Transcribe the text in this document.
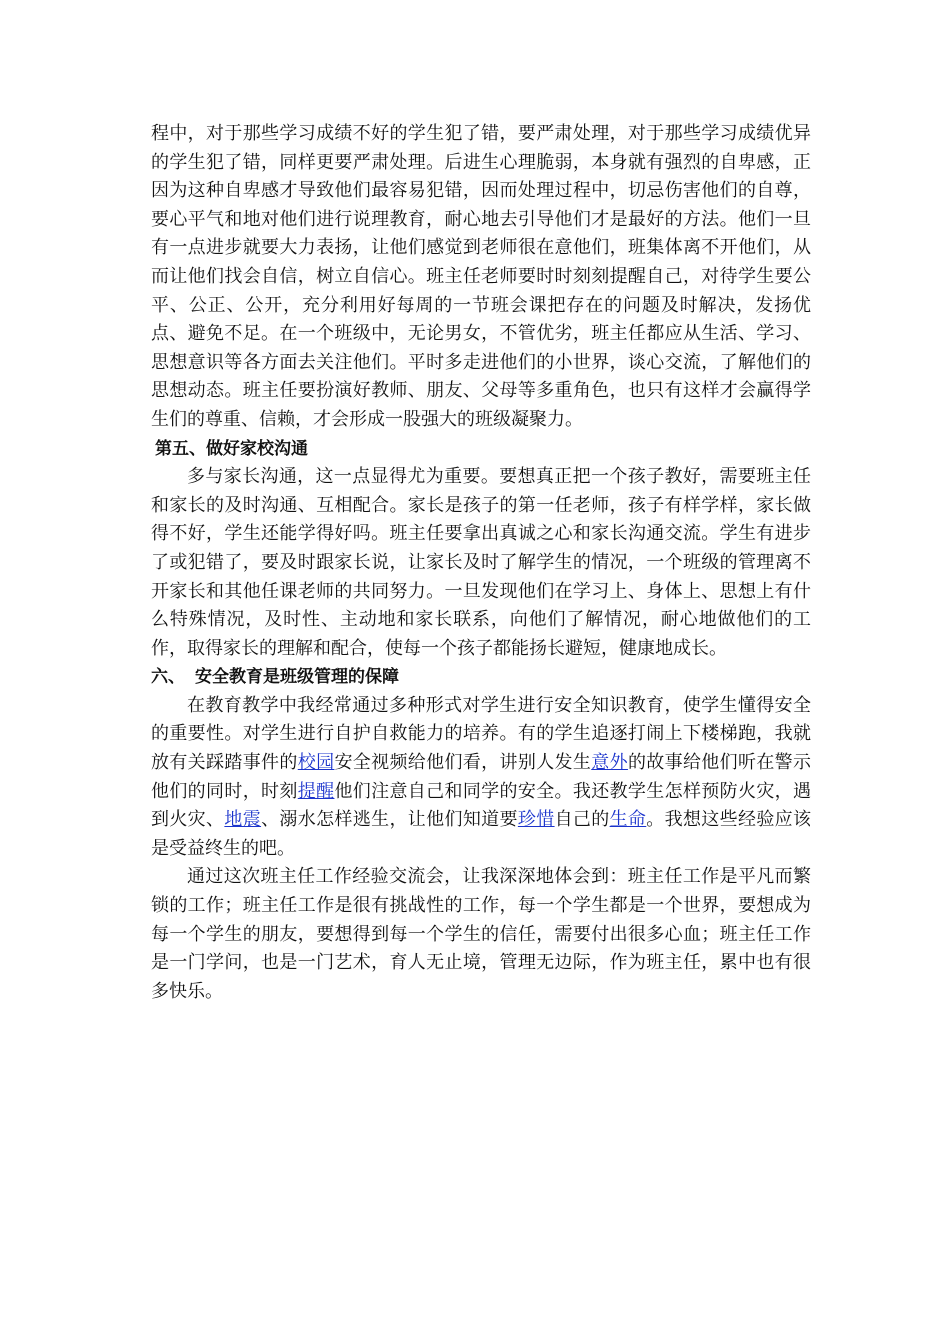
程中，对于那些学习成绩不好的学生犯了错，要严肃处理，对于那些学习成绩优异的学生犯了错，同样更要严肃处理。后进生心理脆弱，本身就有强烈的自卑感，正因为这种自卑感才导致他们最容易犯错，因而处理过程中，切忌伤害他们的自尊，要心平气和地对他们进行说理教育，耐心地去引导他们才是最好的方法。他们一旦有一点进步就要大力表扬，让他们感觉到老师很在意他们，班集体离不开他们，从而让他们找会自信，树立自信心。班主任老师要时时刻刻提醒自己，对待学生要公平、公正、公开，充分利用好每周的一节班会课把存在的问题及时解决，发扬优点、避免不足。在一个班级中，无论男女，不管优劣，班主任都应从生活、学习、思想意识等各方面去关注他们。平时多走进他们的小世界，谈心交流，了解他们的思想动态。班主任要扮演好教师、朋友、父母等多重角色，也只有这样才会赢得学生们的尊重、信赖，才会形成一股强大的班级凝聚力。

第五、做好家校沟通

多与家长沟通，这一点显得尤为重要。要想真正把一个孩子教好，需要班主任和家长的及时沟通、互相配合。家长是孩子的第一任老师，孩子有样学样，家长做得不好，学生还能学得好吗。班主任要拿出真诚之心和家长沟通交流。学生有进步了或犯错了，要及时跟家长说，让家长及时了解学生的情况，一个班级的管理离不开家长和其他任课老师的共同努力。一旦发现他们在学习上、身体上、思想上有什么特殊情况，及时性、主动地和家长联系，向他们了解情况，耐心地做他们的工作，取得家长的理解和配合，使每一个孩子都能扬长避短，健康地成长。

六、 安全教育是班级管理的保障

在教育教学中我经常通过多种形式对学生进行安全知识教育，使学生懂得安全的重要性。对学生进行自护自救能力的培养。有的学生追逐打闹上下楼梯跑，我就放有关踩踏事件的校园安全视频给他们看，讲别人发生意外的故事给他们听在警示他们的同时，时刻提醒他们注意自己和同学的安全。我还教学生怎样预防火灾，遇到火灾、地震、溺水怎样逃生，让他们知道要珍惜自己的生命。我想这些经验应该是受益终生的吧。

通过这次班主任工作经验交流会，让我深深地体会到：班主任工作是平凡而繁锁的工作；班主任工作是很有挑战性的工作，每一个学生都是一个世界，要想成为每一个学生的朋友，要想得到每一个学生的信任，需要付出很多心血；班主任工作是一门学问，也是一门艺术，育人无止境，管理无边际，作为班主任，累中也有很多快乐。
